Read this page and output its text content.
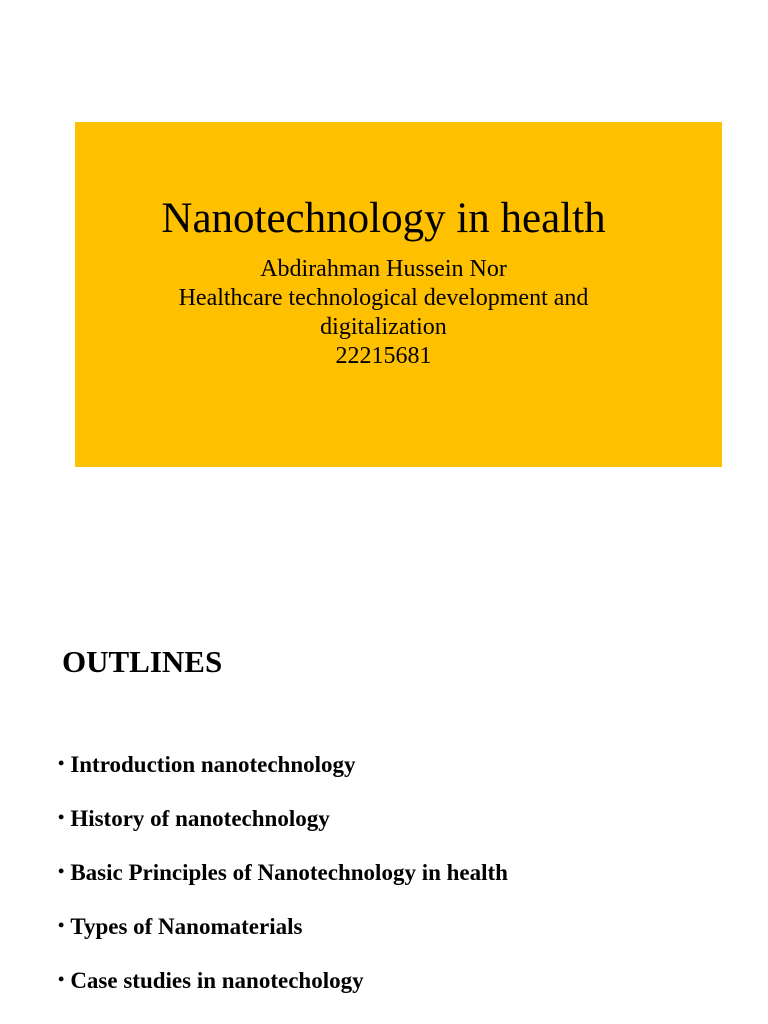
Nanotechnology in health
Abdirahman Hussein Nor
Healthcare technological development and
digitalization
22215681
OUTLINES
• Introduction nanotechnology
• History of nanotechnology
• Basic Principles of Nanotechnology in health
• Types of Nanomaterials
• Case studies in nanotechology
